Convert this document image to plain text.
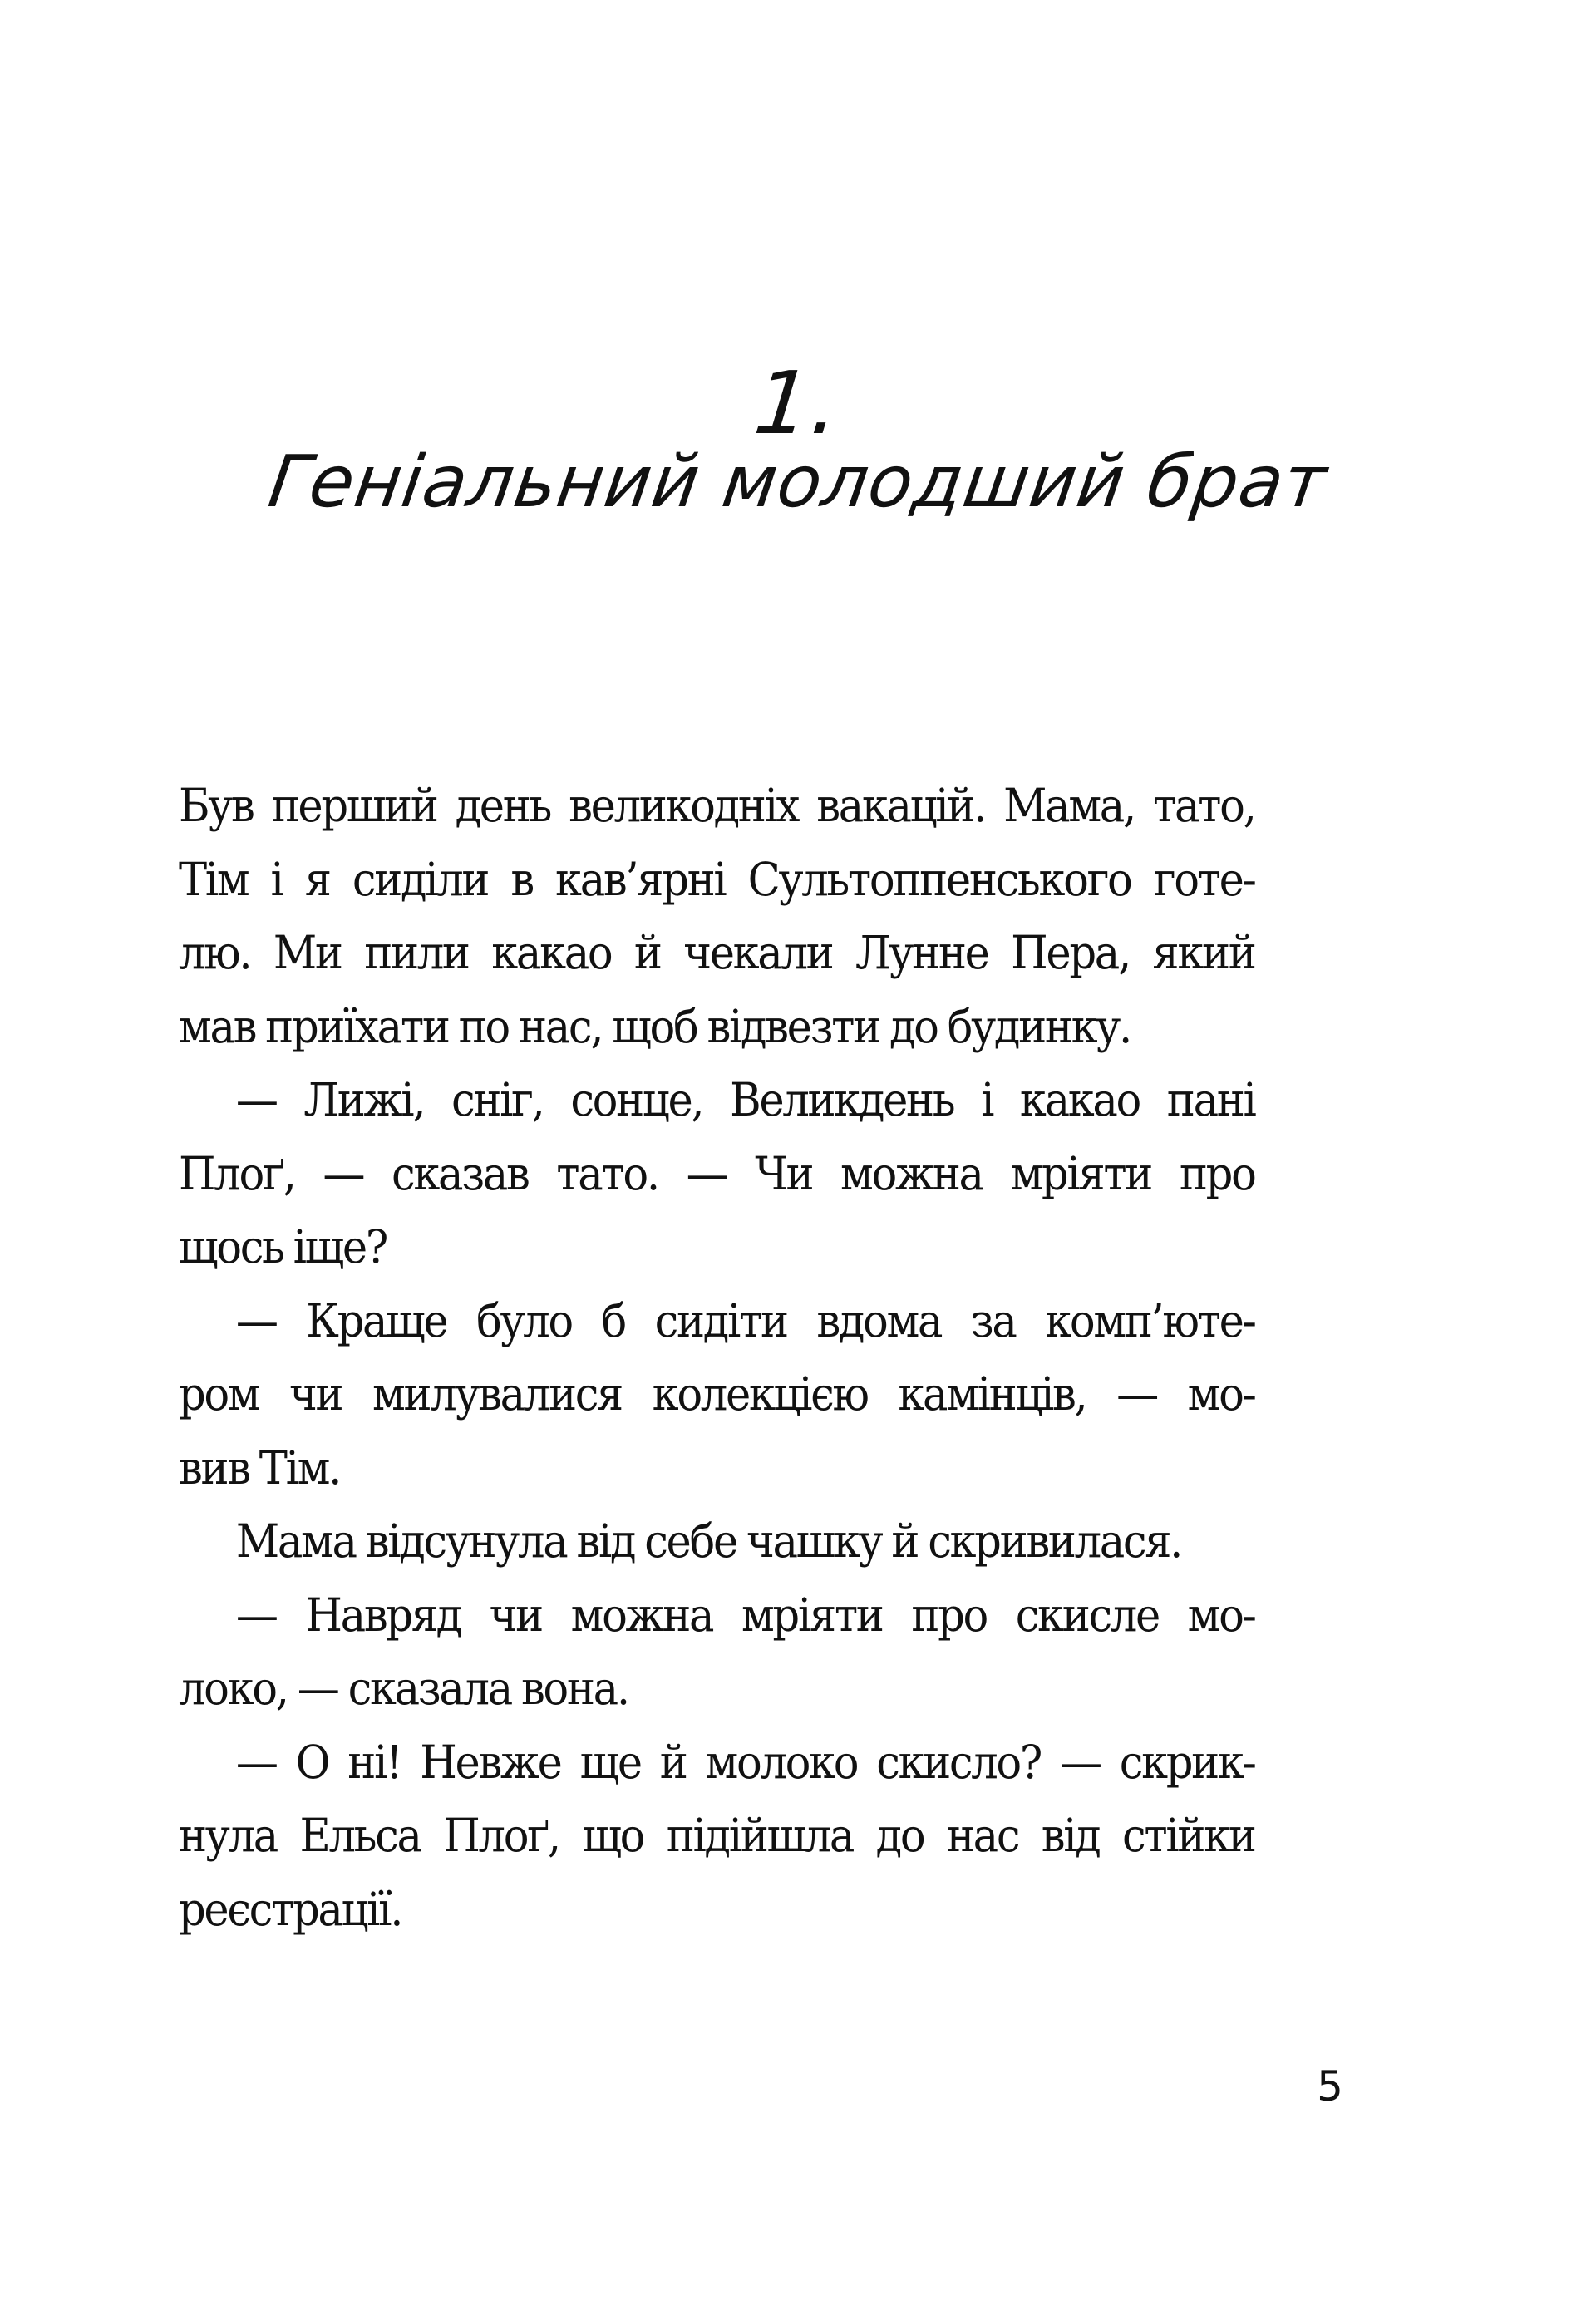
1.
Геніальний молодший брат
Був перший день великодніх вакацій. Мама, тато,
Тім і я сиділи в кав’ярні Сультоппенського готе-
лю. Ми пили какао й чекали Лунне Пера, який
мав приїхати по нас, щоб відвезти до будинку.
— Лижі, сніг, сонце, Великдень і какао пані
Плоґ, — сказав тато. — Чи можна мріяти про
щось іще?
— Краще було б сидіти вдома за комп’юте-
ром чи милувалися колекцією камінців, — мо-
вив Тім.
Мама відсунула від себе чашку й скривилася.
— Навряд чи можна мріяти про скисле мо-
локо, — сказала вона.
— О ні! Невже ще й молоко скисло? — скрик-
нула Ельса Плоґ, що підійшла до нас від стійки
реєстрації.
5
